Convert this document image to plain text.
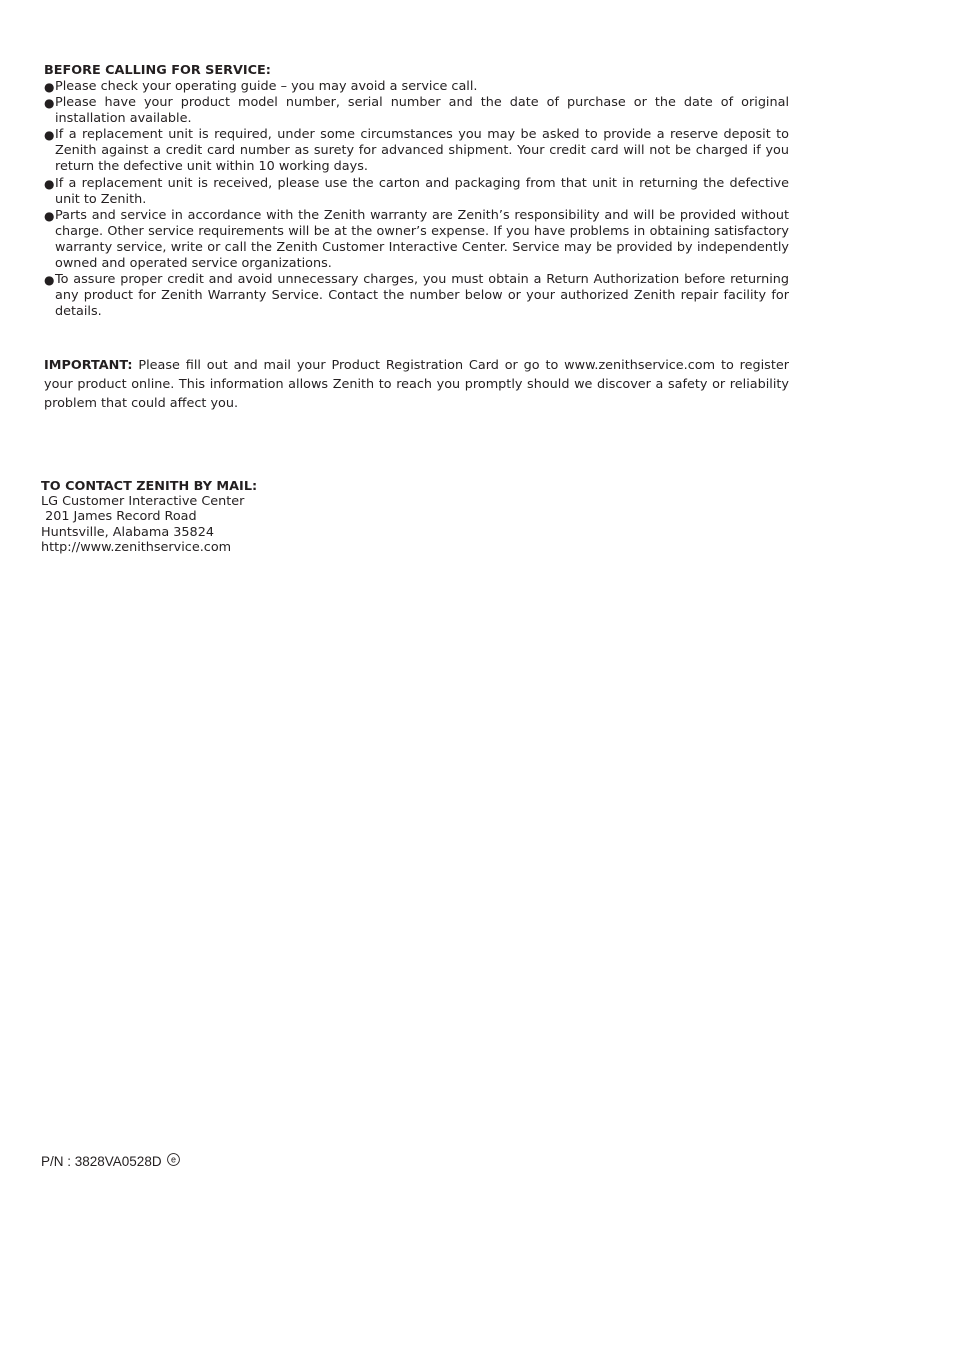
BEFORE CALLING FOR SERVICE:

● Please check your operating guide – you may avoid a service call.
● Please have your product model number, serial number and the date of purchase or the date of original installation available.
● If a replacement unit is required, under some circumstances you may be asked to provide a reserve deposit to Zenith against a credit card number as surety for advanced shipment. Your credit card will not be charged if you return the defective unit within 10 working days.
● If a replacement unit is received, please use the carton and packaging from that unit in returning the defective unit to Zenith.
● Parts and service in accordance with the Zenith warranty are Zenith’s responsibility and will be provided without charge. Other service requirements will be at the owner’s expense. If you have problems in obtaining satisfactory warranty service, write or call the Zenith Customer Interactive Center. Service may be provided by independently owned and operated service organizations.
● To assure proper credit and avoid unnecessary charges, you must obtain a Return Authorization before returning any product for Zenith Warranty Service. Contact the number below or your authorized Zenith repair facility for details.
IMPORTANT: Please fill out and mail your Product Registration Card or go to www.zenithservice.com to register your product online. This information allows Zenith to reach you promptly should we discover a safety or reliability problem that could affect you.

TO CONTACT ZENITH BY MAIL:

LG Customer Interactive Center
201 James Record Road
Huntsville, Alabama 35824
http://www.zenithservice.com
P/N : 3828VA0528D e
